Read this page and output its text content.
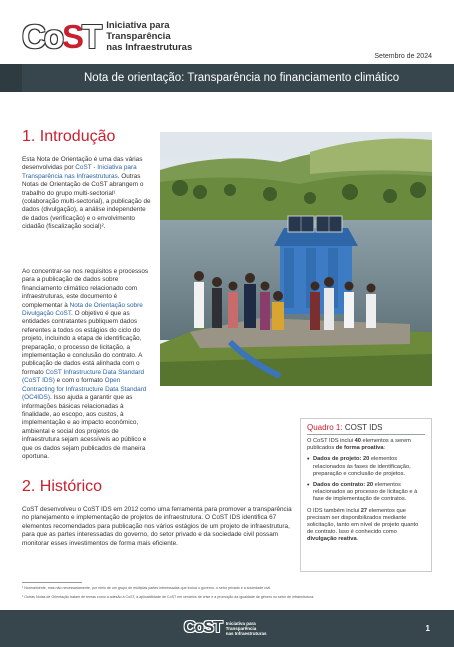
CoST Iniciativa para
Transparência
nas Infraestruturas
Setembro de 2024
Nota de orientação: Transparência no financiamento climático
1. Introdução
Esta Nota de Orientação é uma das várias desenvolvidas por CoST - Iniciativa para Transparência nas Infraestruturas. Outras Notas de Orientação de CoST abrangem o trabalho do grupo multi-sectorial¹ (colaboração multi-sectorial), a publicação de dados (divulgação), a análise independente de dados (verificação) e o envolvimento cidadão (fiscalização social)².
Ao concentrar-se nos requisitos e processos para a publicação de dados sobre financiamento climático relacionado com infraestruturas, este documento é complementar à Nota de Orientação sobre Divulgação CoST. O objetivo é que as entidades contratantes publiquem dados referentes a todos os estágios do ciclo do projeto, incluindo a etapa de identificação, preparação, o processo de licitação, a implementação e conclusão do contrato. A publicação de dados está alinhada com o formato CoST Infrastructure Data Standard (CoST IDS) e com o formato Open Contracting for Infrastructure Data Standard (OC4IDS). Isso ajuda a garantir que as informações básicas relacionadas à finalidade, ao escopo, aos custos, à implementação e ao impacto econômico, ambiental e social dos projetos de infraestrutura sejam acessíveis ao público e que os dados sejam publicados de maneira oportuna.
Quadro 1: COST IDS

O CoST IDS inclui 40 elementos a serem publicados de forma proativa:

• Dados de projeto: 20 elementos relacionados às fases de identificação, preparação e conclusão de projetos.
• Dados do contrato: 20 elementos relacionados ao processo de licitação e à fase de implementação de contratos.

O IDS também inclui 27 elementos que precisam ser disponibilizados mediante solicitação, tanto em nível de projeto quanto de contrato. Isso é conhecido como divulgação reativa.

2. Histórico
CoST desenvolveu o CoST IDS em 2012 como uma ferramenta para promover a transparência no planejamento e implementação de projetos de infraestrutura. O CoST IDS identifica 67 elementos recomendados para publicação nos vários estágios de um projeto de infraestrutura, para que as partes interessadas do governo, do setor privado e da sociedade civil possam monitorar esses investimentos de forma mais eficiente.
¹ Normalmente, mas não necessariamente, por meio de um grupo de múltiplas partes interessadas que inclua o governo, o setor privado e a sociedade civil.
² Outras Notas de Orientação tratam de temas como a adesão à CoST, a aplicabilidade de CoST em cenários de crise e a promoção da igualdade de gênero no setor de infraestrutura.
CoST Iniciativa para
Transparência
nas Infraestruturas	1
